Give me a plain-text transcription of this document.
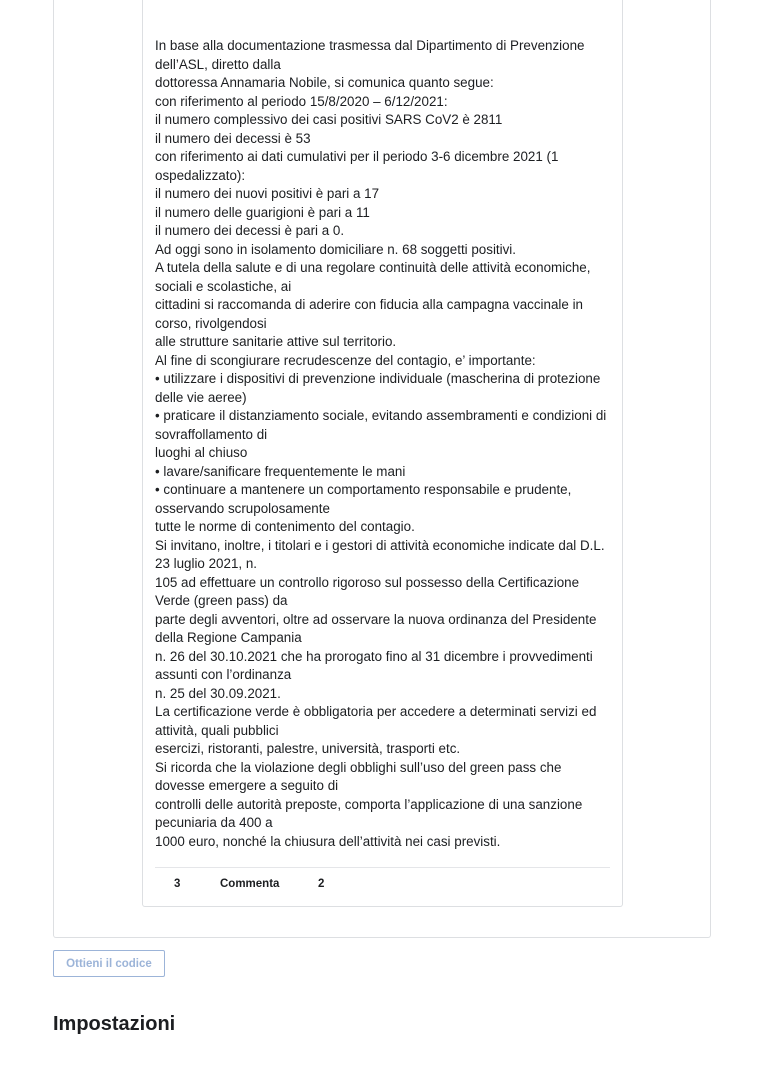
In base alla documentazione trasmessa dal Dipartimento di Prevenzione

dell’ASL, diretto dalla

dottoressa Annamaria Nobile, si comunica quanto segue:

con riferimento al periodo 15/8/2020 – 6/12/2021:

il numero complessivo dei casi positivi SARS CoV2 è 2811

il numero dei decessi è 53

con riferimento ai dati cumulativi per il periodo 3-6 dicembre 2021 (1

ospedalizzato):

il numero dei nuovi positivi è pari a 17

il numero delle guarigioni è pari a 11

il numero dei decessi è pari a 0.

Ad oggi sono in isolamento domiciliare n. 68 soggetti positivi.

A tutela della salute e di una regolare continuità delle attività economiche,

sociali e scolastiche, ai

cittadini si raccomanda di aderire con fiducia alla campagna vaccinale in

corso, rivolgendosi

alle strutture sanitarie attive sul territorio.

Al fine di scongiurare recrudescenze del contagio, e’ importante:

• utilizzare i dispositivi di prevenzione individuale (mascherina di protezione

delle vie aeree)

• praticare il distanziamento sociale, evitando assembramenti e condizioni di

sovraffollamento di

luoghi al chiuso

• lavare/sanificare frequentemente le mani

• continuare a mantenere un comportamento responsabile e prudente,

osservando scrupolosamente

tutte le norme di contenimento del contagio.

Si invitano, inoltre, i titolari e i gestori di attività economiche indicate dal D.L.

23 luglio 2021, n.

105 ad effettuare un controllo rigoroso sul possesso della Certificazione

Verde (green pass) da

parte degli avventori, oltre ad osservare la nuova ordinanza del Presidente

della Regione Campania

n. 26 del 30.10.2021 che ha prorogato fino al 31 dicembre i provvedimenti

assunti con l’ordinanza

n. 25 del 30.09.2021.

La certificazione verde è obbligatoria per accedere a determinati servizi ed

attività, quali pubblici

esercizi, ristoranti, palestre, università, trasporti etc.

Si ricorda che la violazione degli obblighi sull’uso del green pass che

dovesse emergere a seguito di

controlli delle autorità preposte, comporta l’applicazione di una sanzione

pecuniaria da 400 a

1000 euro, nonché la chiusura dell’attività nei casi previsti.

3	Commenta	2
Ottieni il codice
Impostazioni
